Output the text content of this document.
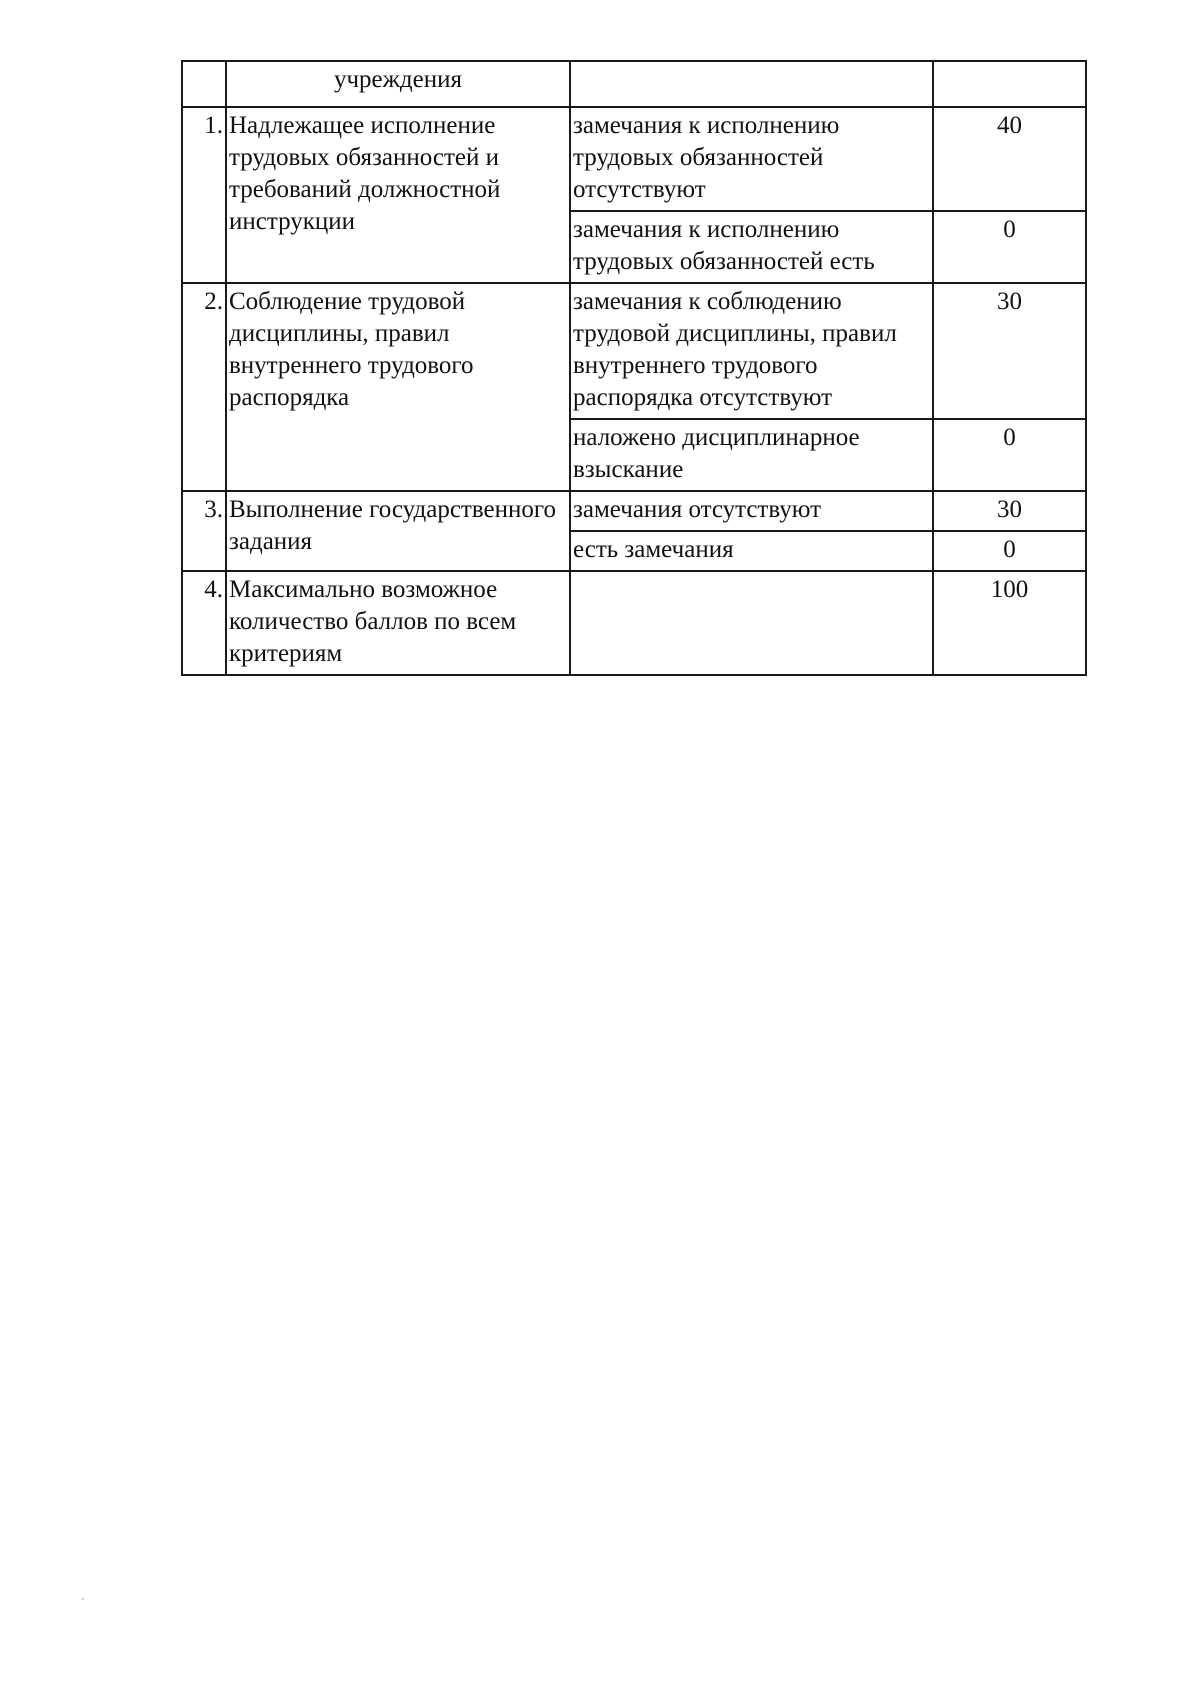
	учреждения		
1.	Надлежащее исполнение трудовых обязанностей и требований должностной инструкции	замечания к исполнению трудовых обязанностей отсутствуют	40
		замечания к исполнению трудовых обязанностей есть	0
2.	Соблюдение трудовой дисциплины, правил внутреннего трудового распорядка	замечания к соблюдению трудовой дисциплины, правил внутреннего трудового распорядка отсутствуют	30
		наложено дисциплинарное взыскание	0
3.	Выполнение государственного задания	замечания отсутствуют	30
		есть замечания	0
4.	Максимально возможное количество баллов по всем критериям		100
